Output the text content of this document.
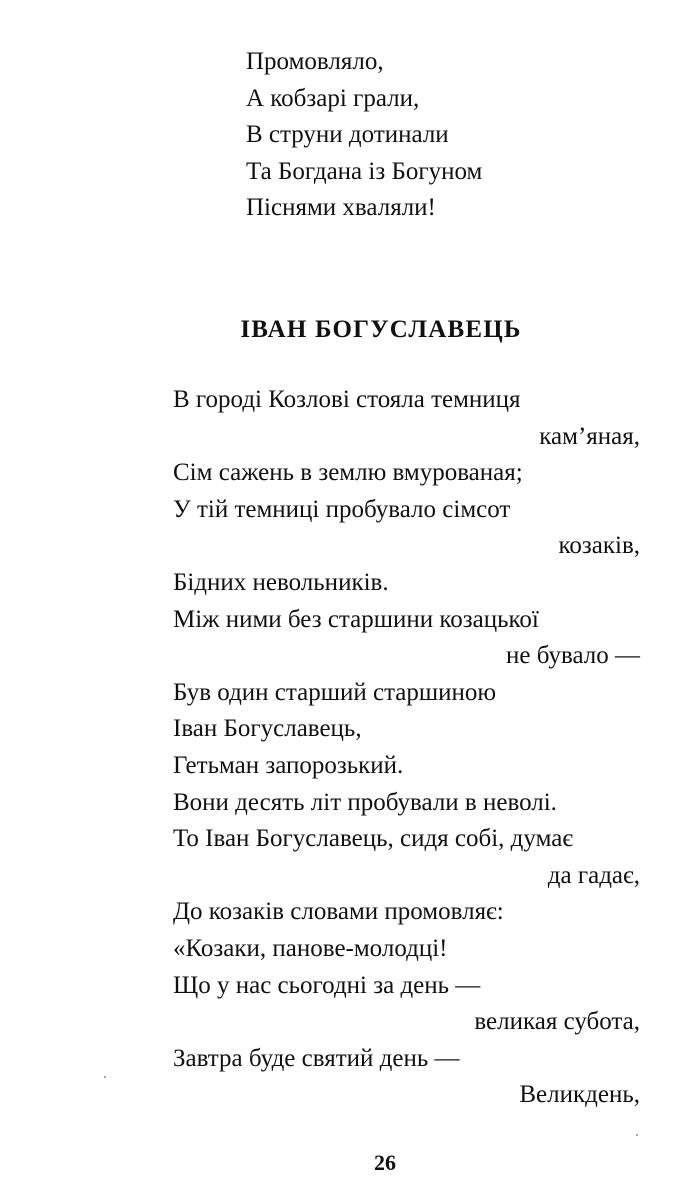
Промовляло,
А кобзарі грали,
В струни дотинали
Та Богдана із Богуном
Піснями хваляли!
ІВАН БОГУСЛАВЕЦЬ
В городі Козлові стояла темниця
кам’яная,
Сім сажень в землю вмурованая;
У тій темниці пробувало сімсот
козаків,
Бідних невольників.
Між ними без старшини козацької
не бувало —
Був один старший старшиною
Іван Богуславець,
Гетьман запорозький.
Вони десять літ пробували в неволі.
То Іван Богуславець, сидя собі, думає
да гадає,
До козаків словами промовляє:
«Козаки, панове-молодці!
Що у нас сьогодні за день —
великая субота,
Завтра буде святий день —
Великдень,
26
